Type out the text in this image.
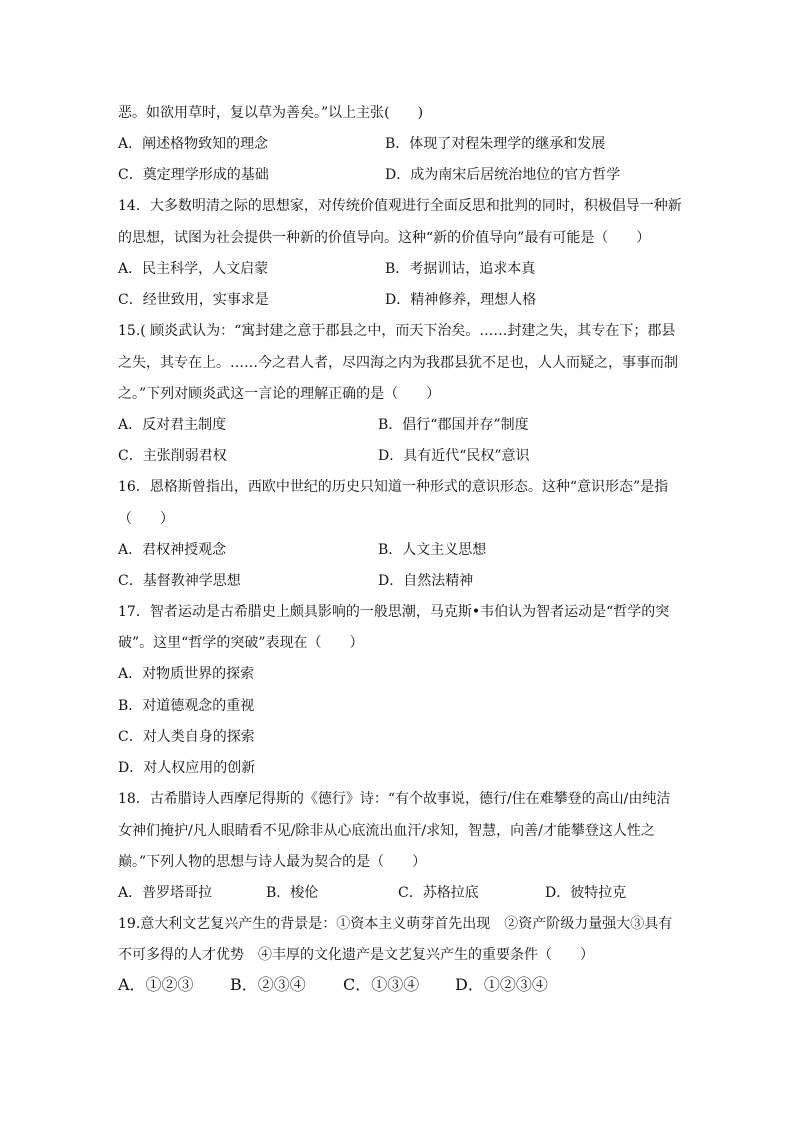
恶。如欲用草时，复以草为善矣。”以上主张(　　)
A．阐述格物致知的理念	B．体现了对程朱理学的继承和发展
C．奠定理学形成的基础	D．成为南宋后居统治地位的官方哲学
14．大多数明清之际的思想家，对传统价值观进行全面反思和批判的同时，积极倡导一种新
的思想，试图为社会提供一种新的价值导向。这种“新的价值导向”最有可能是（　　）
A．民主科学，人文启蒙	B．考据训诂，追求本真
C．经世致用，实事求是	D．精神修养，理想人格
15.( 顾炎武认为：“寓封建之意于郡县之中，而天下治矣。……封建之失，其专在下；郡县
之失，其专在上。……今之君人者，尽四海之内为我郡县犹不足也，人人而疑之，事事而制
之。”下列对顾炎武这一言论的理解正确的是（　　）
A．反对君主制度	B．倡行“郡国并存”制度
C．主张削弱君权	D．具有近代“民权”意识
16．恩格斯曾指出，西欧中世纪的历史只知道一种形式的意识形态。这种“意识形态”是指
（　　）
A．君权神授观念	B．人文主义思想
C．基督教神学思想	D．自然法精神
17．智者运动是古希腊史上颇具影响的一般思潮，马克斯•韦伯认为智者运动是“哲学的突
破”。这里“哲学的突破”表现在（　　）
A．对物质世界的探索
B．对道德观念的重视
C．对人类自身的探索
D．对人权应用的创新
18．古希腊诗人西摩尼得斯的《德行》诗：“有个故事说，德行/住在难攀登的高山/由纯洁
女神们掩护/凡人眼睛看不见/除非从心底流出血汗/求知，智慧，向善/才能攀登这人性之
巅。”下列人物的思想与诗人最为契合的是（　　）
A．普罗塔哥拉	B．梭伦	C．苏格拉底	D．彼特拉克
19.意大利文艺复兴产生的背景是：①资本主义萌芽首先出现　②资产阶级力量强大③具有
不可多得的人才优势　④丰厚的文化遗产是文艺复兴产生的重要条件（　　）
A．①②③ B．②③④ C．①③④ D．①②③④
